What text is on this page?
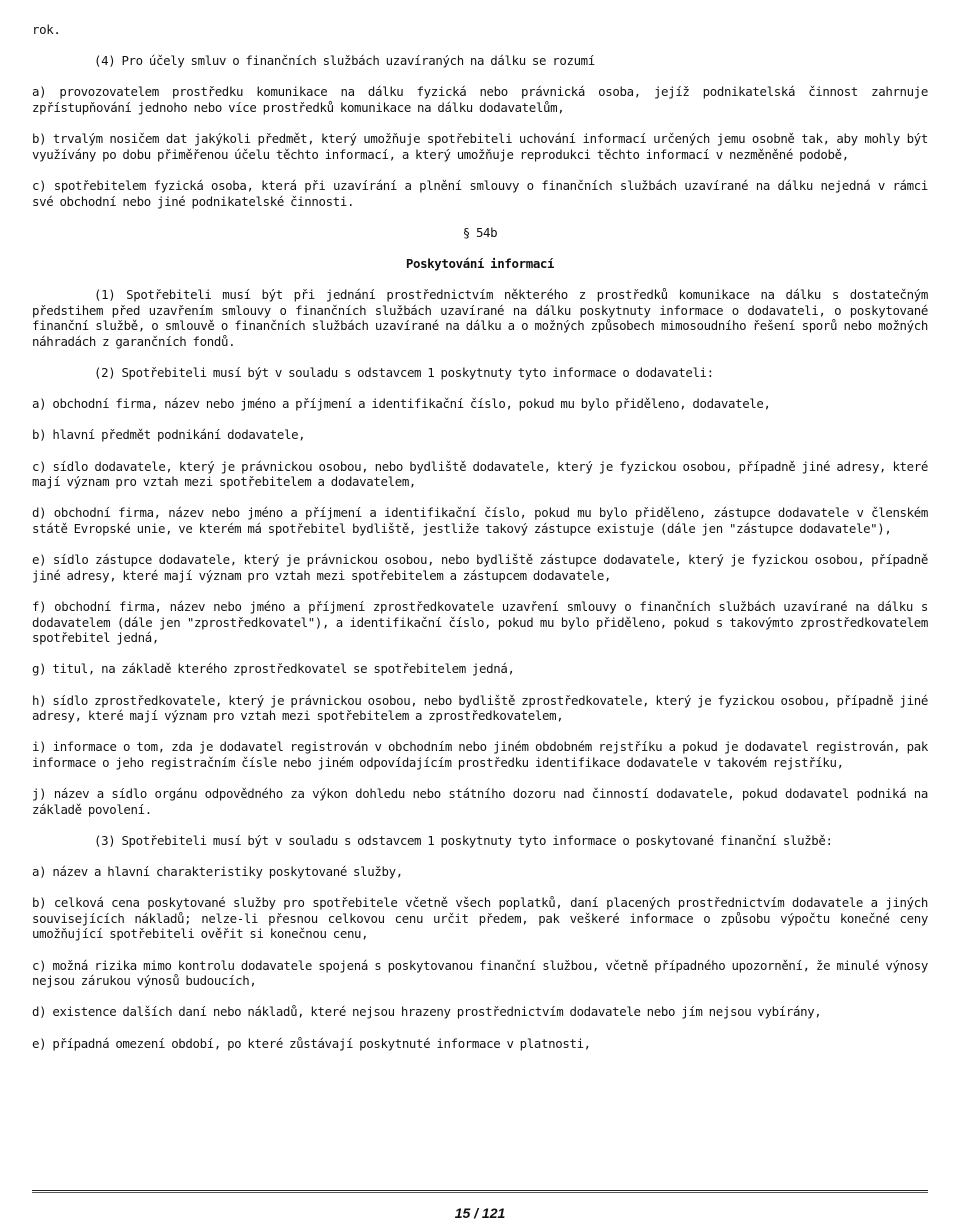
rok.

(4) Pro účely smluv o finančních službách uzavíraných na dálku se rozumí

a) provozovatelem prostředku komunikace na dálku fyzická nebo právnická osoba, jejíž podnikatelská činnost zahrnuje zpřístupňování jednoho nebo více prostředků komunikace na dálku dodavatelům,

b) trvalým nosičem dat jakýkoli předmět, který umožňuje spotřebiteli uchování informací určených jemu osobně tak, aby mohly být využívány po dobu přiměřenou účelu těchto informací, a který umožňuje reprodukci těchto informací v nezměněné podobě,

c) spotřebitelem fyzická osoba, která při uzavírání a plnění smlouvy o finančních službách uzavírané na dálku nejedná v rámci své obchodní nebo jiné podnikatelské činnosti.

§ 54b

Poskytování informací

(1) Spotřebiteli musí být při jednání prostřednictvím některého z prostředků komunikace na dálku s dostatečným předstihem před uzavřením smlouvy o finančních službách uzavírané na dálku poskytnuty informace o dodavateli, o poskytované finanční službě, o smlouvě o finančních službách uzavírané na dálku a o možných způsobech mimosoudního řešení sporů nebo možných náhradách z garančních fondů.

(2) Spotřebiteli musí být v souladu s odstavcem 1 poskytnuty tyto informace o dodavateli:

a) obchodní firma, název nebo jméno a příjmení a identifikační číslo, pokud mu bylo přiděleno, dodavatele,

b) hlavní předmět podnikání dodavatele,

c) sídlo dodavatele, který je právnickou osobou, nebo bydliště dodavatele, který je fyzickou osobou, případně jiné adresy, které mají význam pro vztah mezi spotřebitelem a dodavatelem,

d) obchodní firma, název nebo jméno a příjmení a identifikační číslo, pokud mu bylo přiděleno, zástupce dodavatele v členském státě Evropské unie, ve kterém má spotřebitel bydliště, jestliže takový zástupce existuje (dále jen "zástupce dodavatele"),

e) sídlo zástupce dodavatele, který je právnickou osobou, nebo bydliště zástupce dodavatele, který je fyzickou osobou, případně jiné adresy, které mají význam pro vztah mezi spotřebitelem a zástupcem dodavatele,

f) obchodní firma, název nebo jméno a příjmení zprostředkovatele uzavření smlouvy o finančních službách uzavírané na dálku s dodavatelem (dále jen "zprostředkovatel"), a identifikační číslo, pokud mu bylo přiděleno, pokud s takovýmto zprostředkovatelem spotřebitel jedná,

g) titul, na základě kterého zprostředkovatel se spotřebitelem jedná,

h) sídlo zprostředkovatele, který je právnickou osobou, nebo bydliště zprostředkovatele, který je fyzickou osobou, případně jiné adresy, které mají význam pro vztah mezi spotřebitelem a zprostředkovatelem,

i) informace o tom, zda je dodavatel registrován v obchodním nebo jiném obdobném rejstříku a pokud je dodavatel registrován, pak informace o jeho registračním čísle nebo jiném odpovídajícím prostředku identifikace dodavatele v takovém rejstříku,

j) název a sídlo orgánu odpovědného za výkon dohledu nebo státního dozoru nad činností dodavatele, pokud dodavatel podniká na základě povolení.

(3) Spotřebiteli musí být v souladu s odstavcem 1 poskytnuty tyto informace o poskytované finanční službě:

a) název a hlavní charakteristiky poskytované služby,

b) celková cena poskytované služby pro spotřebitele včetně všech poplatků, daní placených prostřednictvím dodavatele a jiných souvisejících nákladů; nelze-li přesnou celkovou cenu určit předem, pak veškeré informace o způsobu výpočtu konečné ceny umožňující spotřebiteli ověřit si konečnou cenu,

c) možná rizika mimo kontrolu dodavatele spojená s poskytovanou finanční službou, včetně případného upozornění, že minulé výnosy nejsou zárukou výnosů budoucích,

d) existence dalších daní nebo nákladů, které nejsou hrazeny prostřednictvím dodavatele nebo jím nejsou vybírány,

e) případná omezení období, po které zůstávají poskytnuté informace v platnosti,

15 / 121
